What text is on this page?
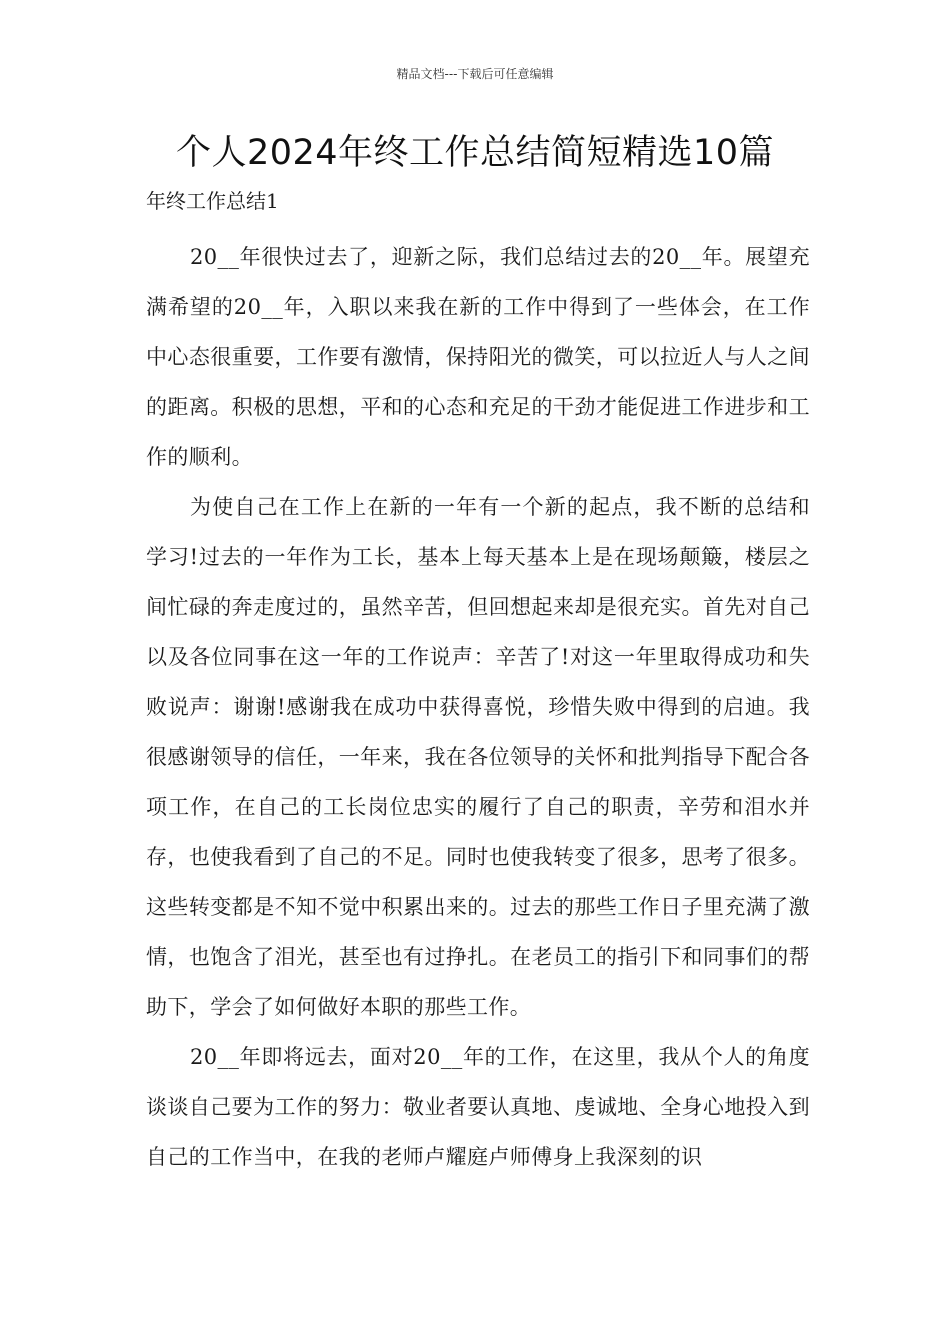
精品文档---下载后可任意编辑
个人2024年终工作总结简短精选10篇
年终工作总结1

20__年很快过去了，迎新之际，我们总结过去的20__年。展望充满希望的20__年，入职以来我在新的工作中得到了一些体会，在工作中心态很重要，工作要有激情，保持阳光的微笑，可以拉近人与人之间的距离。积极的思想，平和的心态和充足的干劲才能促进工作进步和工作的顺利。

为使自己在工作上在新的一年有一个新的起点，我不断的总结和学习!过去的一年作为工长，基本上每天基本上是在现场颠簸，楼层之间忙碌的奔走度过的，虽然辛苦，但回想起来却是很充实。首先对自己以及各位同事在这一年的工作说声：辛苦了!对这一年里取得成功和失败说声：谢谢!感谢我在成功中获得喜悦，珍惜失败中得到的启迪。我很感谢领导的信任，一年来，我在各位领导的关怀和批判指导下配合各项工作，在自己的工长岗位忠实的履行了自己的职责，辛劳和泪水并存，也使我看到了自己的不足。同时也使我转变了很多，思考了很多。这些转变都是不知不觉中积累出来的。过去的那些工作日子里充满了激情，也饱含了泪光，甚至也有过挣扎。在老员工的指引下和同事们的帮助下，学会了如何做好本职的那些工作。

20__年即将远去，面对20__年的工作，在这里，我从个人的角度谈谈自己要为工作的努力：敬业者要认真地、虔诚地、全身心地投入到自己的工作当中，在我的老师卢耀庭卢师傅身上我深刻的识
